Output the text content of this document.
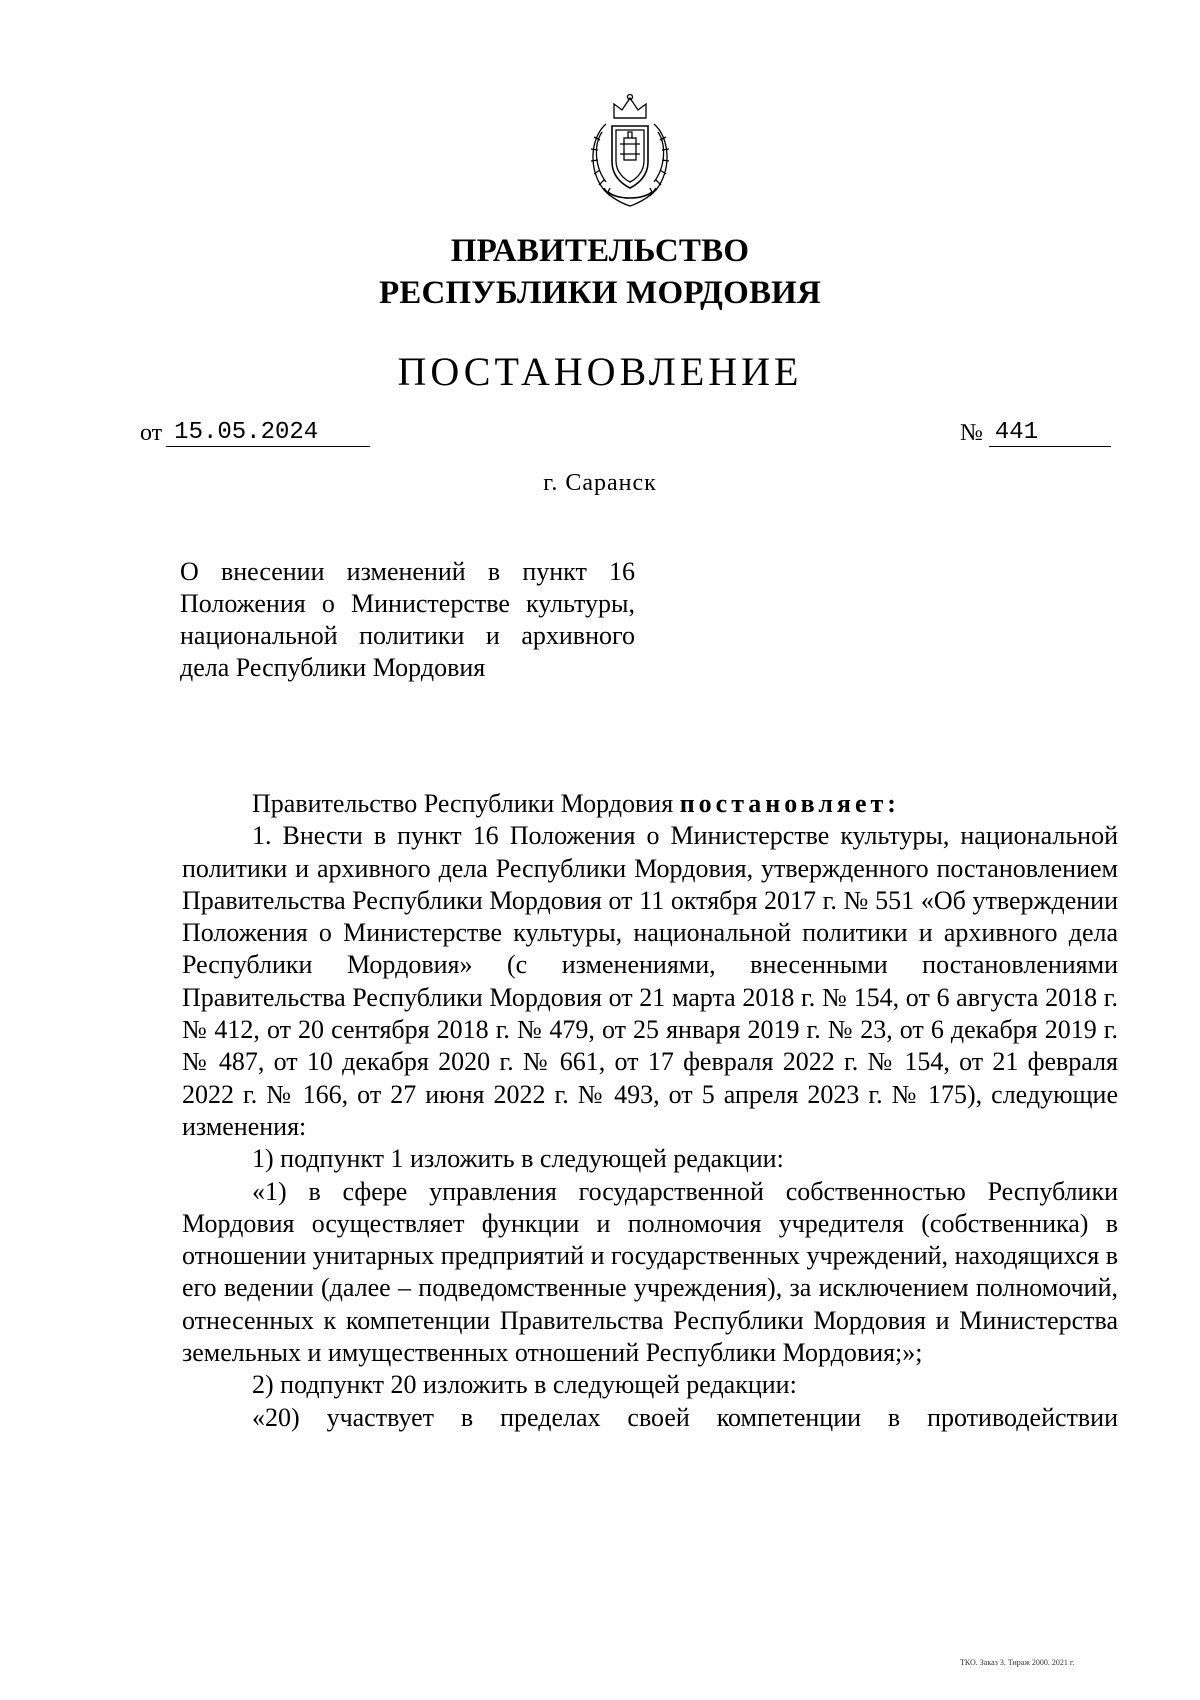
ПРАВИТЕЛЬСТВО
РЕСПУБЛИКИ МОРДОВИЯ
ПОСТАНОВЛЕНИЕ
от 15.05.2024	№ 441
г. Саранск
О внесении изменений в пункт 16 Положения о Министерстве культуры, национальной политики и архивного дела Республики Мордовия

Правительство Республики Мордовия постановляет:

1. Внести в пункт 16 Положения о Министерстве культуры, национальной политики и архивного дела Республики Мордовия, утвержденного постановлением Правительства Республики Мордовия от 11 октября 2017 г. № 551 «Об утверждении Положения о Министерстве культуры, национальной политики и архивного дела Республики Мордовия» (с изменениями, внесенными постановлениями Правительства Республики Мордовия от 21 марта 2018 г. № 154, от 6 августа 2018 г. № 412, от 20 сентября 2018 г. № 479, от 25 января 2019 г. № 23, от 6 декабря 2019 г. № 487, от 10 декабря 2020 г. № 661, от 17 февраля 2022 г. № 154, от 21 февраля 2022 г. № 166, от 27 июня 2022 г. № 493, от 5 апреля 2023 г. № 175), следующие изменения:

1) подпункт 1 изложить в следующей редакции:

«1) в сфере управления государственной собственностью Республики Мордовия осуществляет функции и полномочия учредителя (собственника) в отношении унитарных предприятий и государственных учреждений, находящихся в его ведении (далее – подведомственные учреждения), за исключением полномочий, отнесенных к компетенции Правительства Республики Мордовия и Министерства земельных и имущественных отношений Республики Мордовия;»;

2) подпункт 20 изложить в следующей редакции:

«20) участвует в пределах своей компетенции в противодействии

ТКО. Заказ 3. Тираж 2000. 2021 г.
